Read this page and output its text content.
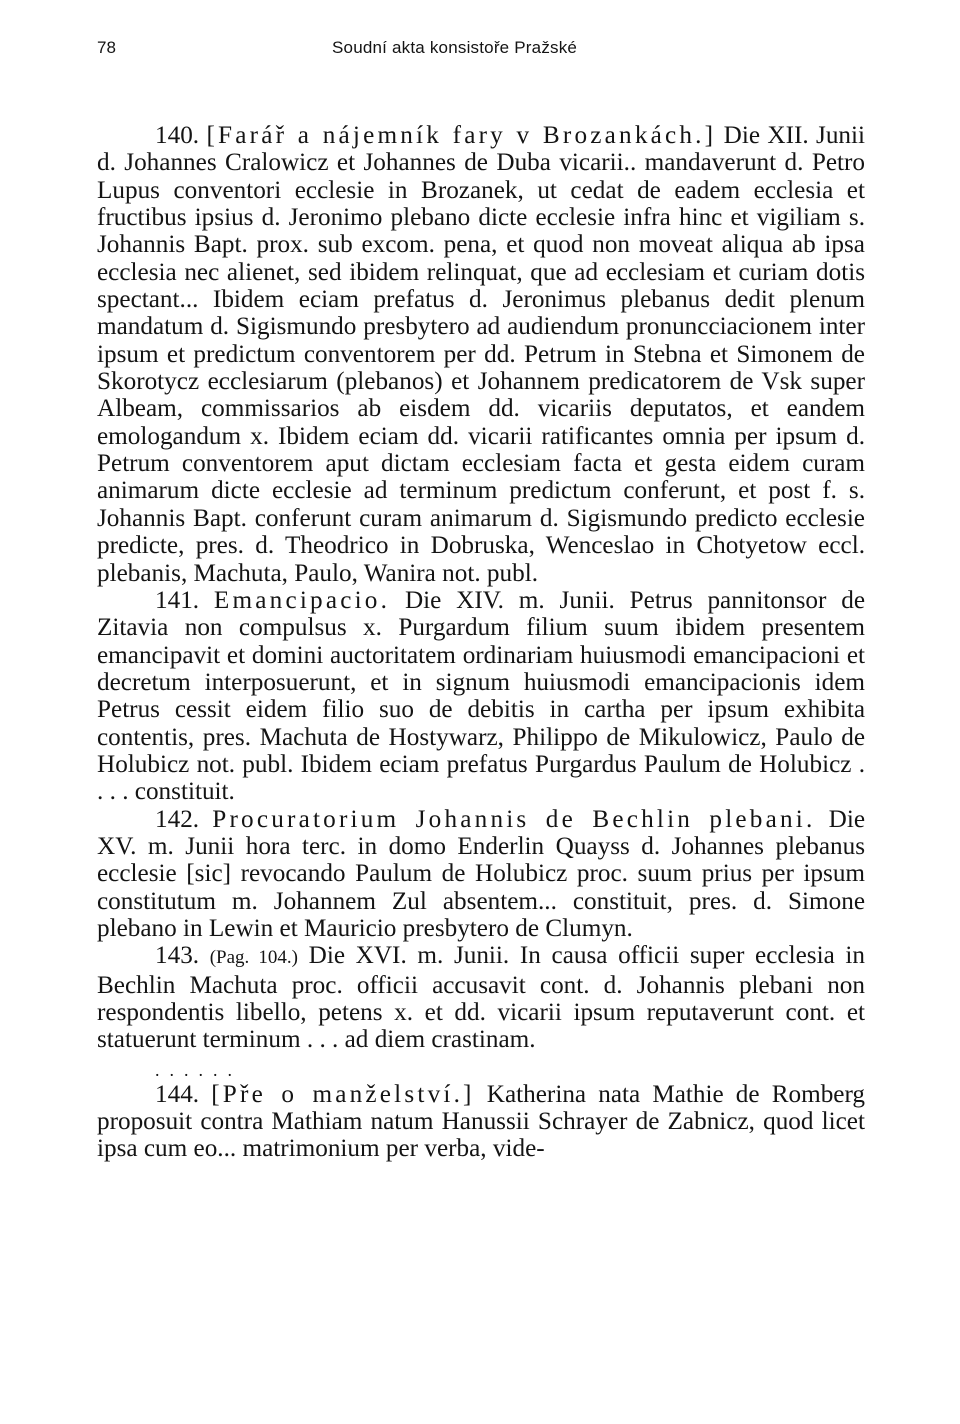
78	Soudní akta konsistoře Pražské

140. [Farář a nájemník fary v Brozankách.] Die XII. Junii d. Johannes Cralowicz et Johannes de Duba vicarii.. mandaverunt d. Petro Lupus conventori ecclesie in Brozanek, ut cedat de eadem ecclesia et fructibus ipsius d. Jeronimo plebano dicte ecclesie infra hinc et vigiliam s. Johannis Bapt. prox. sub excom. pena, et quod non moveat aliqua ab ipsa ecclesia nec alienet, sed ibidem relinquat, que ad ecclesiam et curiam dotis spectant... Ibidem eciam prefatus d. Jeronimus plebanus dedit plenum mandatum d. Sigismundo presbytero ad audiendum pronuncciacionem inter ipsum et predictum conventorem per dd. Petrum in Stebna et Simonem de Skorotycz ecclesiarum (plebanos) et Johannem predicatorem de Vsk super Albeam, commissarios ab eisdem dd. vicariis deputatos, et eandem emologandum x. Ibidem eciam dd. vicarii ratificantes omnia per ipsum d. Petrum conventorem aput dictam ecclesiam facta et gesta eidem curam animarum dicte ecclesie ad terminum predictum conferunt, et post f. s. Johannis Bapt. conferunt curam animarum d. Sigismundo predicto ecclesie predicte, pres. d. Theodrico in Dobruska, Wenceslao in Chotyetow eccl. plebanis, Machuta, Paulo, Wanira not. publ.

141. Emancipacio. Die XIV. m. Junii. Petrus pannitonsor de Zitavia non compulsus x. Purgardum filium suum ibidem presentem emancipavit et domini auctoritatem ordinariam huiusmodi emancipacioni et decretum interposuerunt, et in signum huiusmodi emancipacionis idem Petrus cessit eidem filio suo de debitis in cartha per ipsum exhibita contentis, pres. Machuta de Hostywarz, Philippo de Mikulowicz, Paulo de Holubicz not. publ. Ibidem eciam prefatus Purgardus Paulum de Holubicz . . . . constituit.

142. Procuratorium Johannis de Bechlin plebani. Die XV. m. Junii hora terc. in domo Enderlin Quayss d. Johannes plebanus ecclesie [sic] revocando Paulum de Holubicz proc. suum prius per ipsum constitutum m. Johannem Zul absentem... constituit, pres. d. Simone plebano in Lewin et Mauricio presbytero de Clumyn.

143. (Pag. 104.) Die XVI. m. Junii. In causa officii super ecclesia in Bechlin Machuta proc. officii accusavit cont. d. Johannis plebani non respondentis libello, petens x. et dd. vicarii ipsum reputaverunt cont. et statuerunt terminum . . . ad diem crastinam.

......

144. [Pře o manželství.] Katherina nata Mathie de Romberg proposuit contra Mathiam natum Hanussii Schrayer de Zabnicz, quod licet ipsa cum eo... matrimonium per verba, vide-
